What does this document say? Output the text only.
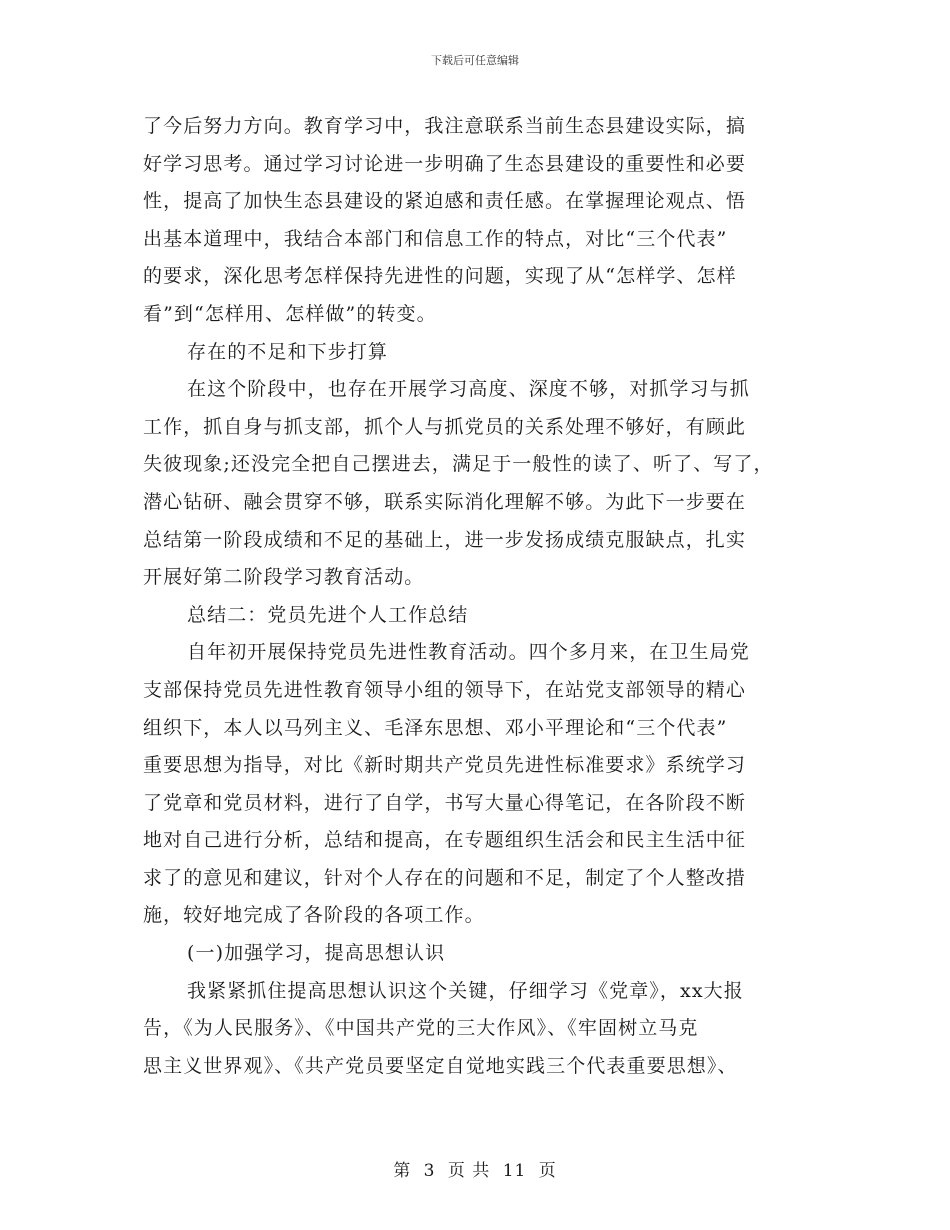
下载后可任意编辑
了今后努力方向。教育学习中，我注意联系当前生态县建设实际，搞
好学习思考。通过学习讨论进一步明确了生态县建设的重要性和必要
性，提高了加快生态县建设的紧迫感和责任感。在掌握理论观点、悟
出基本道理中，我结合本部门和信息工作的特点，对比“三个代表”
的要求，深化思考怎样保持先进性的问题，实现了从“怎样学、怎样
看”到“怎样用、怎样做”的转变。
存在的不足和下步打算
在这个阶段中，也存在开展学习高度、深度不够，对抓学习与抓
工作，抓自身与抓支部，抓个人与抓党员的关系处理不够好，有顾此
失彼现象;还没完全把自己摆进去，满足于一般性的读了、听了、写了，
潜心钻研、融会贯穿不够，联系实际消化理解不够。为此下一步要在
总结第一阶段成绩和不足的基础上，进一步发扬成绩克服缺点，扎实
开展好第二阶段学习教育活动。
总结二：党员先进个人工作总结
自年初开展保持党员先进性教育活动。四个多月来，在卫生局党
支部保持党员先进性教育领导小组的领导下，在站党支部领导的精心
组织下，本人以马列主义、毛泽东思想、邓小平理论和“三个代表”
重要思想为指导，对比《新时期共产党员先进性标准要求》系统学习
了党章和党员材料，进行了自学，书写大量心得笔记，在各阶段不断
地对自己进行分析，总结和提高，在专题组织生活会和民主生活中征
求了的意见和建议，针对个人存在的问题和不足，制定了个人整改措
施，较好地完成了各阶段的各项工作。
(一)加强学习，提高思想认识
我紧紧抓住提高思想认识这个关键，仔细学习《党章》，xx大报
告，《为人民服务》、《中国共产党的三大作风》、《牢固树立马克
思主义世界观》、《共产党员要坚定自觉地实践三个代表重要思想》、
第 3 页 共 11 页
